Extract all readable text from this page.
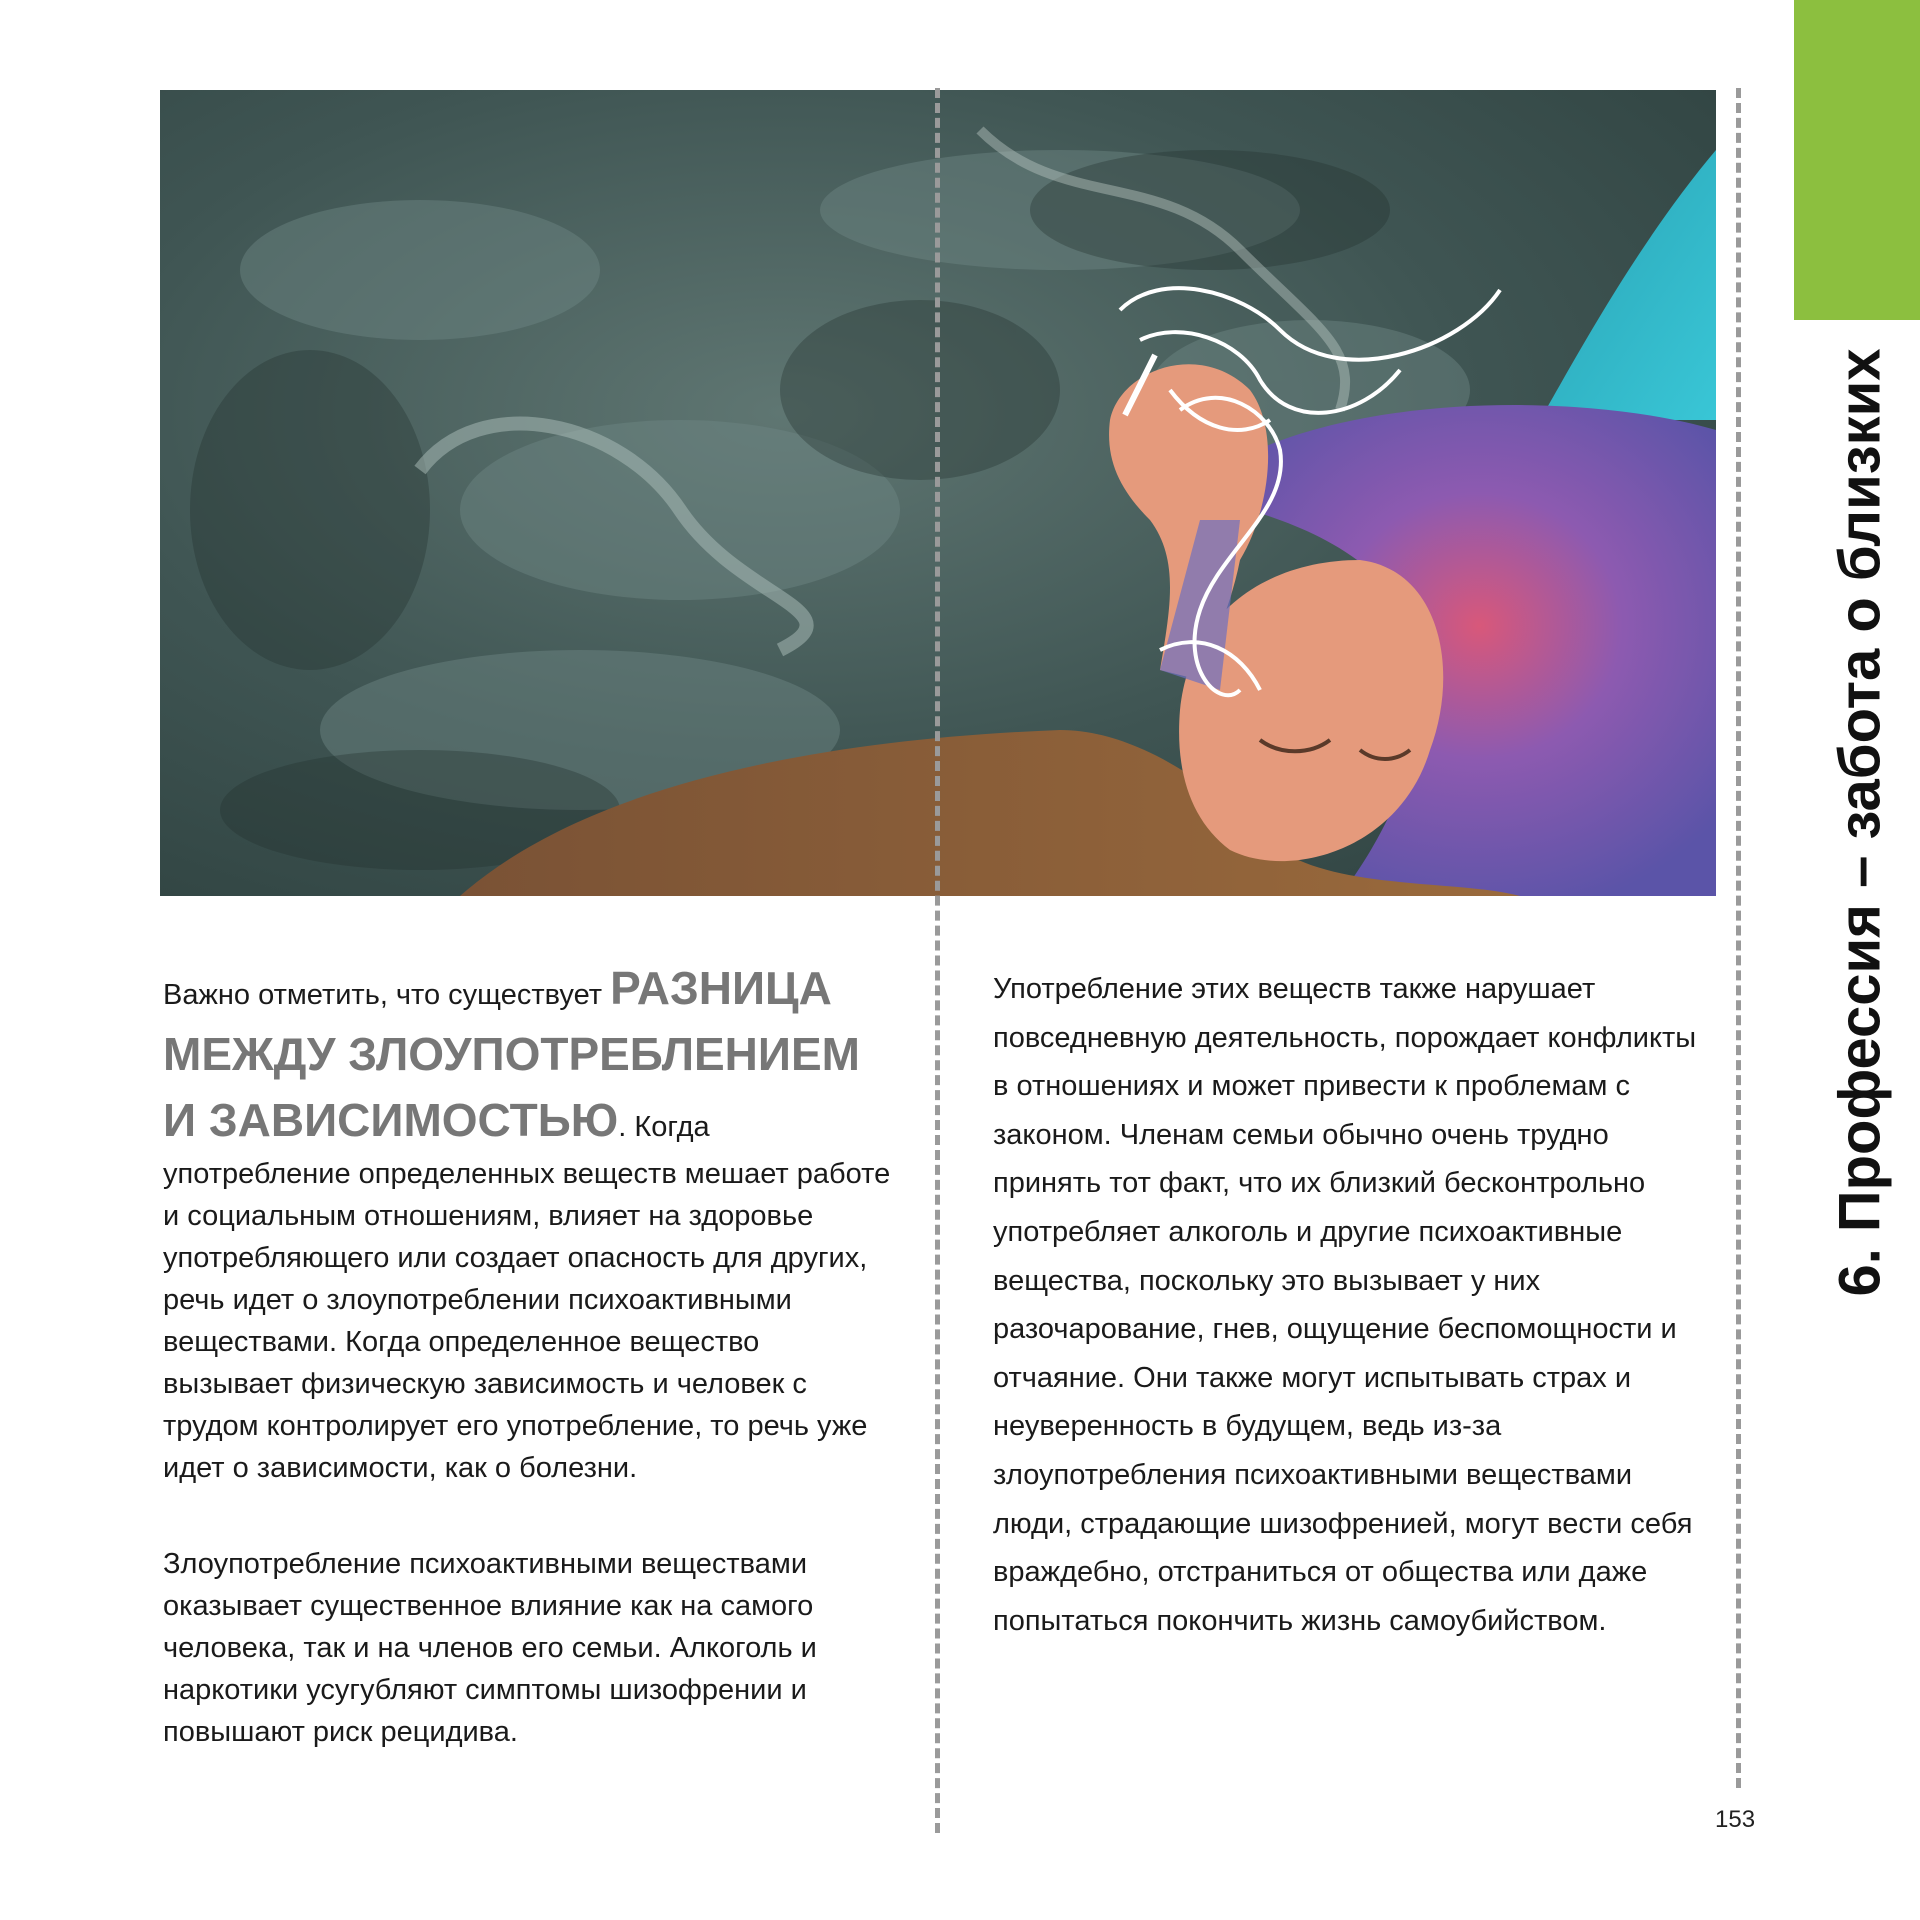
6. Профессия – забота о близких

Важно отметить, что существует РАЗНИЦА МЕЖДУ ЗЛОУПОТРЕБЛЕНИЕМ И ЗАВИСИМОСТЬЮ. Когда употребление определенных веществ мешает работе и социальным отношениям, влияет на здоровье употребляющего или создает опасность для других, речь идет о злоупотреблении психоактивными веществами. Когда определенное вещество вызывает физическую зависимость и человек с трудом контролирует его употребление, то речь уже идет о зависимости, как о болезни.

Злоупотребление психоактивными веществами оказывает существенное влияние как на самого человека, так и на членов его семьи. Алкоголь и наркотики усугубляют симптомы шизофрении и повышают риск рецидива.

Употребление этих веществ также нарушает повседневную деятельность, порождает конфликты в отношениях и может привести к проблемам с законом. Членам семьи обычно очень трудно принять тот факт, что их близкий бесконтрольно употребляет алкоголь и другие психоактивные вещества, поскольку это вызывает у них разочарование, гнев, ощущение беспомощности и отчаяние. Они также могут испытывать страх и неуверенность в будущем, ведь из-за злоупотребления психоактивными веществами люди, страдающие шизофренией, могут вести себя враждебно, отстраниться от общества или даже попытаться покончить жизнь самоубийством.

153
